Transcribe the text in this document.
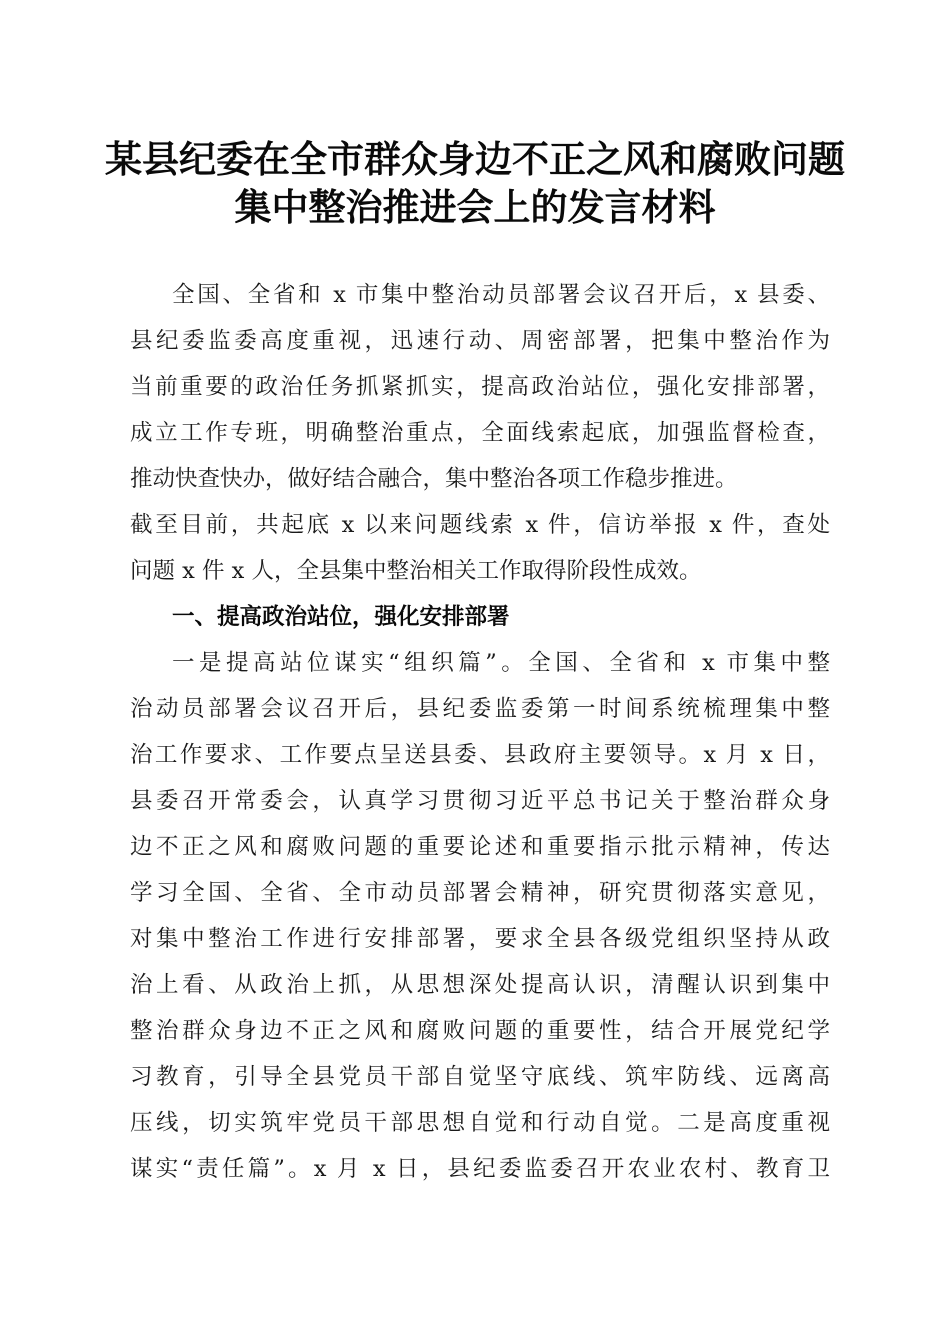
某县纪委在全市群众身边不正之风和腐败问题
集中整治推进会上的发言材料
全国、全省和 x 市集中整治动员部署会议召开后，x 县委、
县纪委监委高度重视，迅速行动、周密部署，把集中整治作为
当前重要的政治任务抓紧抓实，提高政治站位，强化安排部署，
成立工作专班，明确整治重点，全面线索起底，加强监督检查，
推动快查快办，做好结合融合，集中整治各项工作稳步推进。
截至目前，共起底 x 以来问题线索 x 件，信访举报 x 件，查处
问题 x 件 x 人，全县集中整治相关工作取得阶段性成效。
一、提高政治站位，强化安排部署
一是提高站位谋实“组织篇”。全国、全省和 x 市集中整
治动员部署会议召开后，县纪委监委第一时间系统梳理集中整
治工作要求、工作要点呈送县委、县政府主要领导。x 月 x 日，
县委召开常委会，认真学习贯彻习近平总书记关于整治群众身
边不正之风和腐败问题的重要论述和重要指示批示精神，传达
学习全国、全省、全市动员部署会精神，研究贯彻落实意见，
对集中整治工作进行安排部署，要求全县各级党组织坚持从政
治上看、从政治上抓，从思想深处提高认识，清醒认识到集中
整治群众身边不正之风和腐败问题的重要性，结合开展党纪学
习教育，引导全县党员干部自觉坚守底线、筑牢防线、远离高
压线，切实筑牢党员干部思想自觉和行动自觉。二是高度重视
谋实“责任篇”。x 月 x 日，县纪委监委召开农业农村、教育卫
